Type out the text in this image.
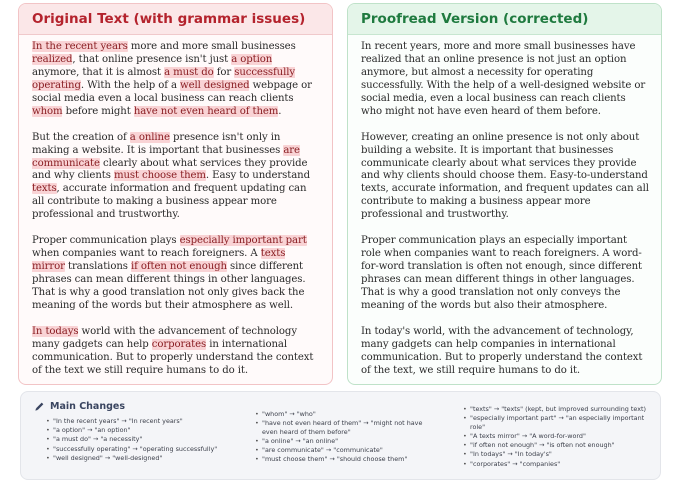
Original Text (with grammar issues)

In the recent years more and more small businesses realized, that online presence isn't just a option anymore, that it is almost a must do for successfully operating. With the help of a well designed webpage or social media even a local business can reach clients whom before might have not even heard of them.

But the creation of a online presence isn't only in making a website. It is important that businesses are communicate clearly about what services they provide and why clients must choose them. Easy to understand texts, accurate information and frequent updating can all contribute to making a business appear more professional and trustworthy.

Proper communication plays especially important part when companies want to reach foreigners. A texts mirror translations if often not enough since different phrases can mean different things in other languages. That is why a good translation not only gives back the meaning of the words but their atmosphere as well.

In todays world with the advancement of technology many gadgets can help corporates in international communication. But to properly understand the context of the text we still require humans to do it.

Proofread Version (corrected)

In recent years, more and more small businesses have realized that an online presence is not just an option anymore, but almost a necessity for operating successfully. With the help of a well-designed website or social media, even a local business can reach clients who might not have even heard of them before.

However, creating an online presence is not only about building a website. It is important that businesses communicate clearly about what services they provide and why clients should choose them. Easy-to-understand texts, accurate information, and frequent updates can all contribute to making a business appear more professional and trustworthy.

Proper communication plays an especially important role when companies want to reach foreigners. A word-for-word translation is often not enough, since different phrases can mean different things in other languages. That is why a good translation not only conveys the meaning of the words but also their atmosphere.

In today's world, with the advancement of technology, many gadgets can help companies in international communication. But to properly understand the context of the text, we still require humans to do it.

Main Changes
• "In the recent years" → "In recent years"
• "a option" → "an option"
• "a must do" → "a necessity"
• "successfully operating" → "operating successfully"
• "well designed" → "well-designed"
• "whom" → "who"
• "have not even heard of them" → "might not have even heard of them before"
• "a online" → "an online"
• "are communicate" → "communicate"
• "must choose them" → "should choose them"
• "texts" → "texts" (kept, but improved surrounding text)
• "especially important part" → "an especially important role"
• "A texts mirror" → "A word-for-word"
• "if often not enough" → "is often not enough"
• "In todays" → "In today's"
• "corporates" → "companies"
